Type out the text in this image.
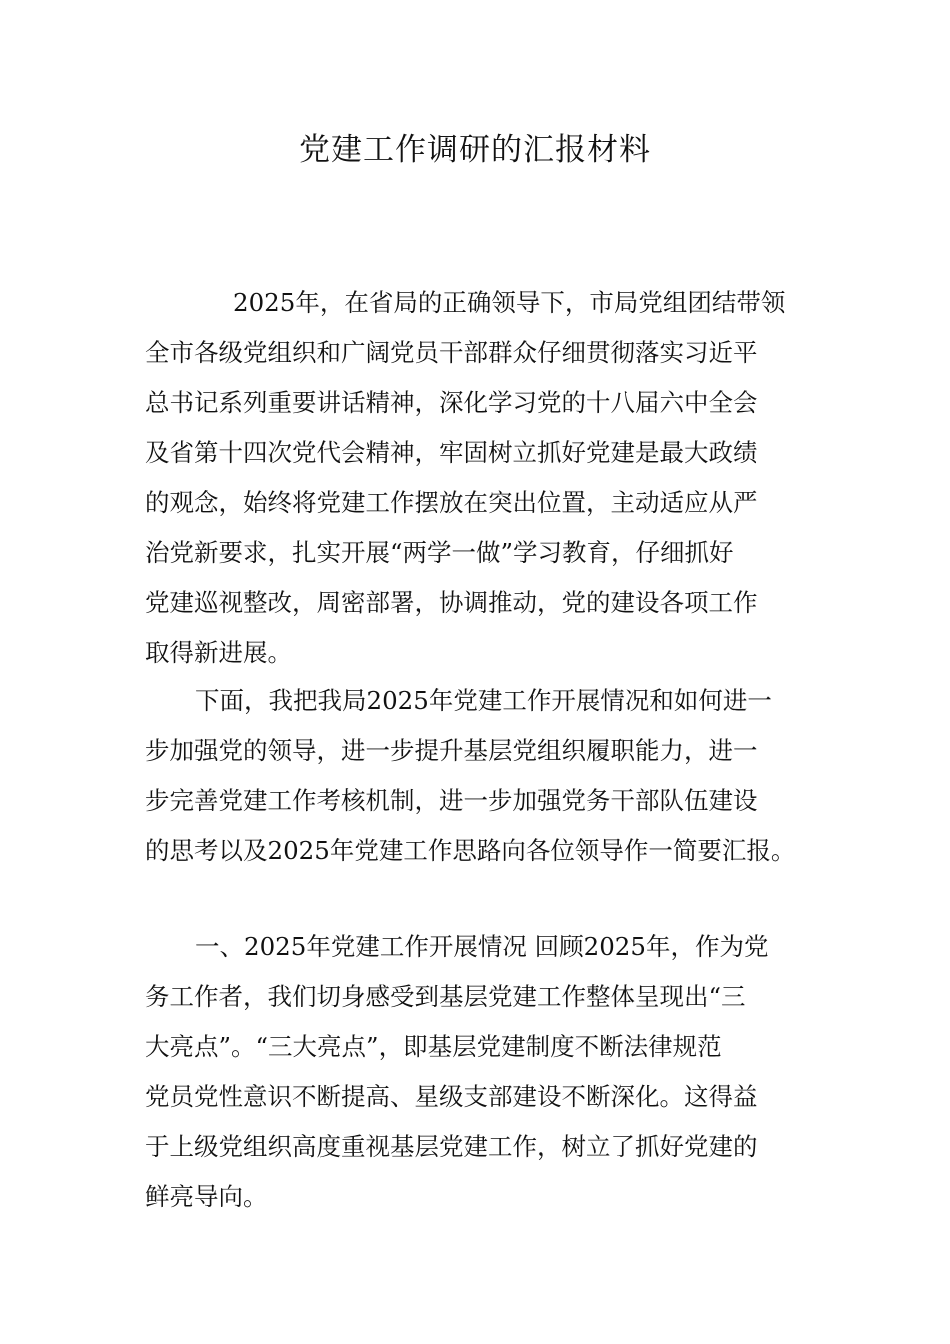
党建工作调研的汇报材料
2025年，在省局的正确领导下，市局党组团结带领
全市各级党组织和广阔党员干部群众仔细贯彻落实习近平
总书记系列重要讲话精神，深化学习党的十八届六中全会
及省第十四次党代会精神，牢固树立抓好党建是最大政绩
的观念，始终将党建工作摆放在突出位置，主动适应从严
治党新要求，扎实开展“两学一做”学习教育，仔细抓好
党建巡视整改，周密部署，协调推动，党的建设各项工作
取得新进展。
下面，我把我局2025年党建工作开展情况和如何进一
步加强党的领导，进一步提升基层党组织履职能力，进一
步完善党建工作考核机制，进一步加强党务干部队伍建设
的思考以及2025年党建工作思路向各位领导作一简要汇报。
一、2025年党建工作开展情况 回顾2025年，作为党
务工作者，我们切身感受到基层党建工作整体呈现出“三
大亮点”。“三大亮点”，即基层党建制度不断法律规范
党员党性意识不断提高、星级支部建设不断深化。这得益
于上级党组织高度重视基层党建工作，树立了抓好党建的
鲜亮导向。
